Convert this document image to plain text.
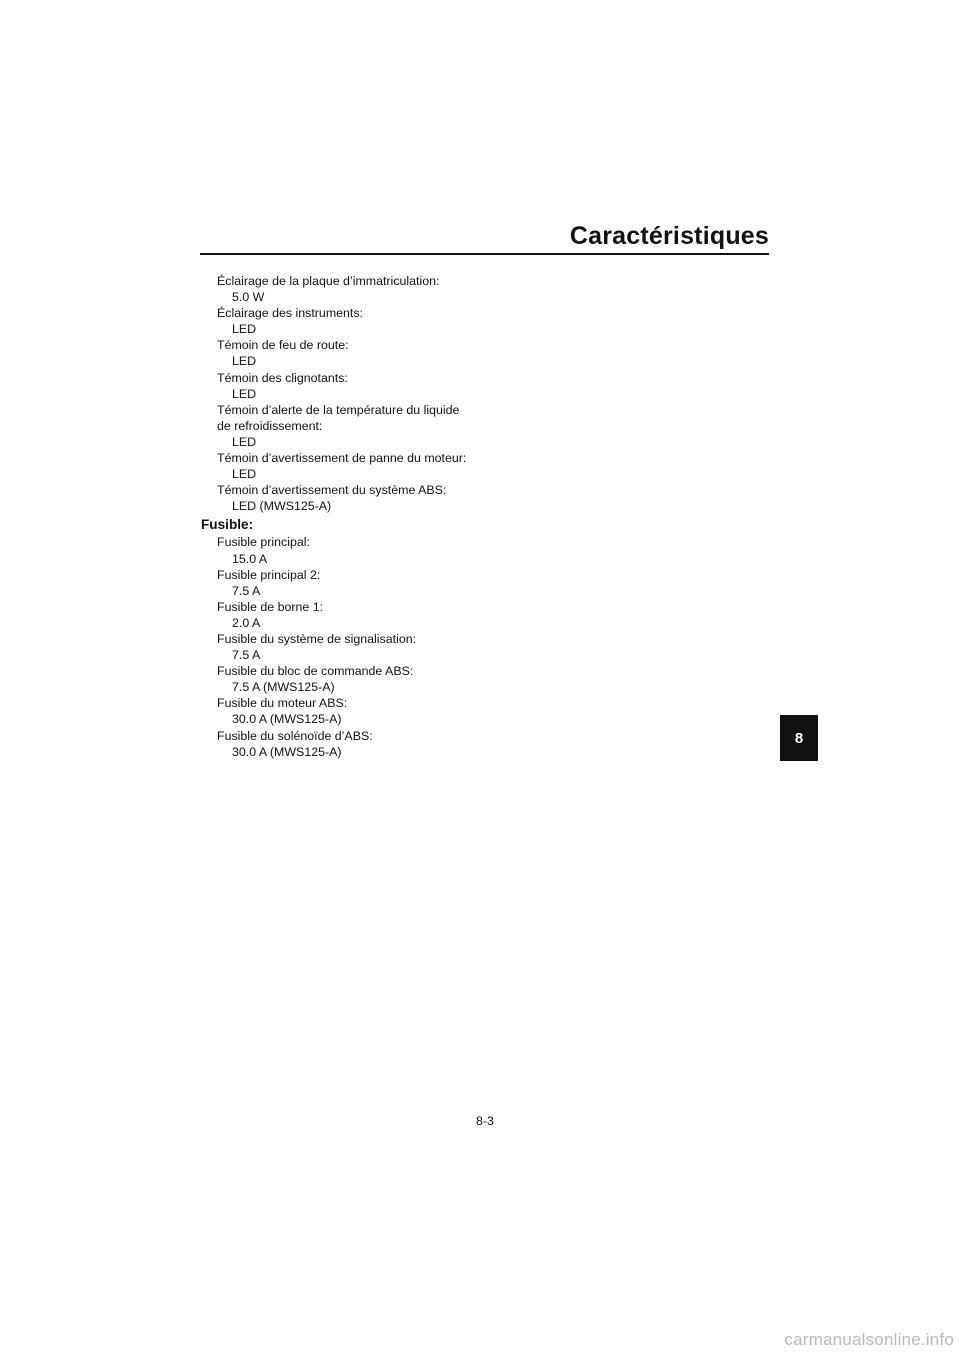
Caractéristiques
Éclairage de la plaque d’immatriculation:
5.0 W
Éclairage des instruments:
LED
Témoin de feu de route:
LED
Témoin des clignotants:
LED
Témoin d’alerte de la température du liquide
de refroidissement:
LED
Témoin d’avertissement de panne du moteur:
LED
Témoin d’avertissement du système ABS:
LED (MWS125-A)
Fusible:
Fusible principal:
15.0 A
Fusible principal 2:
7.5 A
Fusible de borne 1:
2.0 A
Fusible du système de signalisation:
7.5 A
Fusible du bloc de commande ABS:
7.5 A (MWS125-A)
Fusible du moteur ABS:
30.0 A (MWS125-A)
Fusible du solénoïde d’ABS:
30.0 A (MWS125-A)
8
8-3
carmanualsonline.info
